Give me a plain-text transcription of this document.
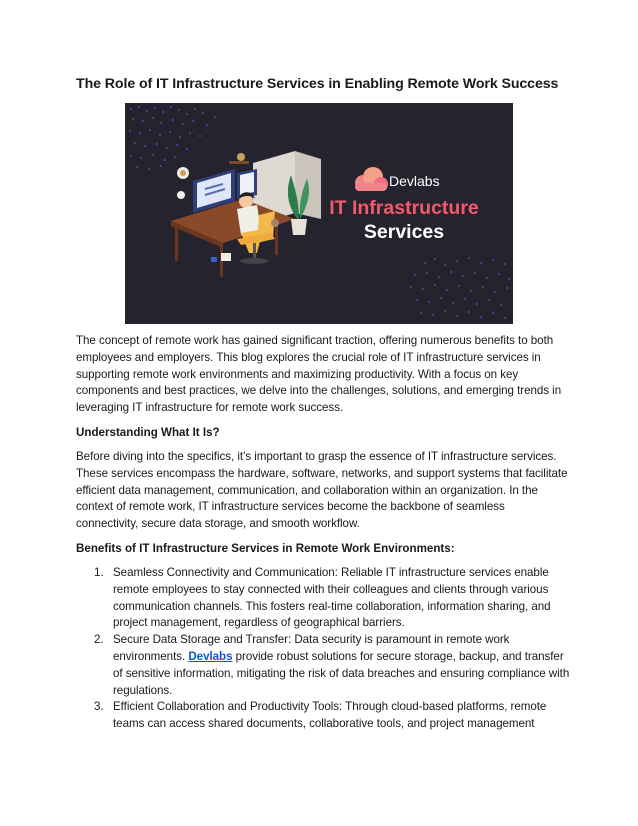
The Role of IT Infrastructure Services in Enabling Remote Work Success
Devlabs
IT Infrastructure
Services
The concept of remote work has gained significant traction, offering numerous benefits to both employees and employers. This blog explores the crucial role of IT infrastructure services in supporting remote work environments and maximizing productivity. With a focus on key components and best practices, we delve into the challenges, solutions, and emerging trends in leveraging IT infrastructure for remote work success.
Understanding What It Is?
Before diving into the specifics, it’s important to grasp the essence of IT infrastructure services. These services encompass the hardware, software, networks, and support systems that facilitate efficient data management, communication, and collaboration within an organization. In the context of remote work, IT infrastructure services become the backbone of seamless connectivity, secure data storage, and smooth workflow.
Benefits of IT Infrastructure Services in Remote Work Environments:
1. Seamless Connectivity and Communication: Reliable IT infrastructure services enable remote employees to stay connected with their colleagues and clients through various communication channels. This fosters real-time collaboration, information sharing, and project management, regardless of geographical barriers.
2. Secure Data Storage and Transfer: Data security is paramount in remote work environments. Devlabs provide robust solutions for secure storage, backup, and transfer of sensitive information, mitigating the risk of data breaches and ensuring compliance with regulations.
3. Efficient Collaboration and Productivity Tools: Through cloud-based platforms, remote teams can access shared documents, collaborative tools, and project management
